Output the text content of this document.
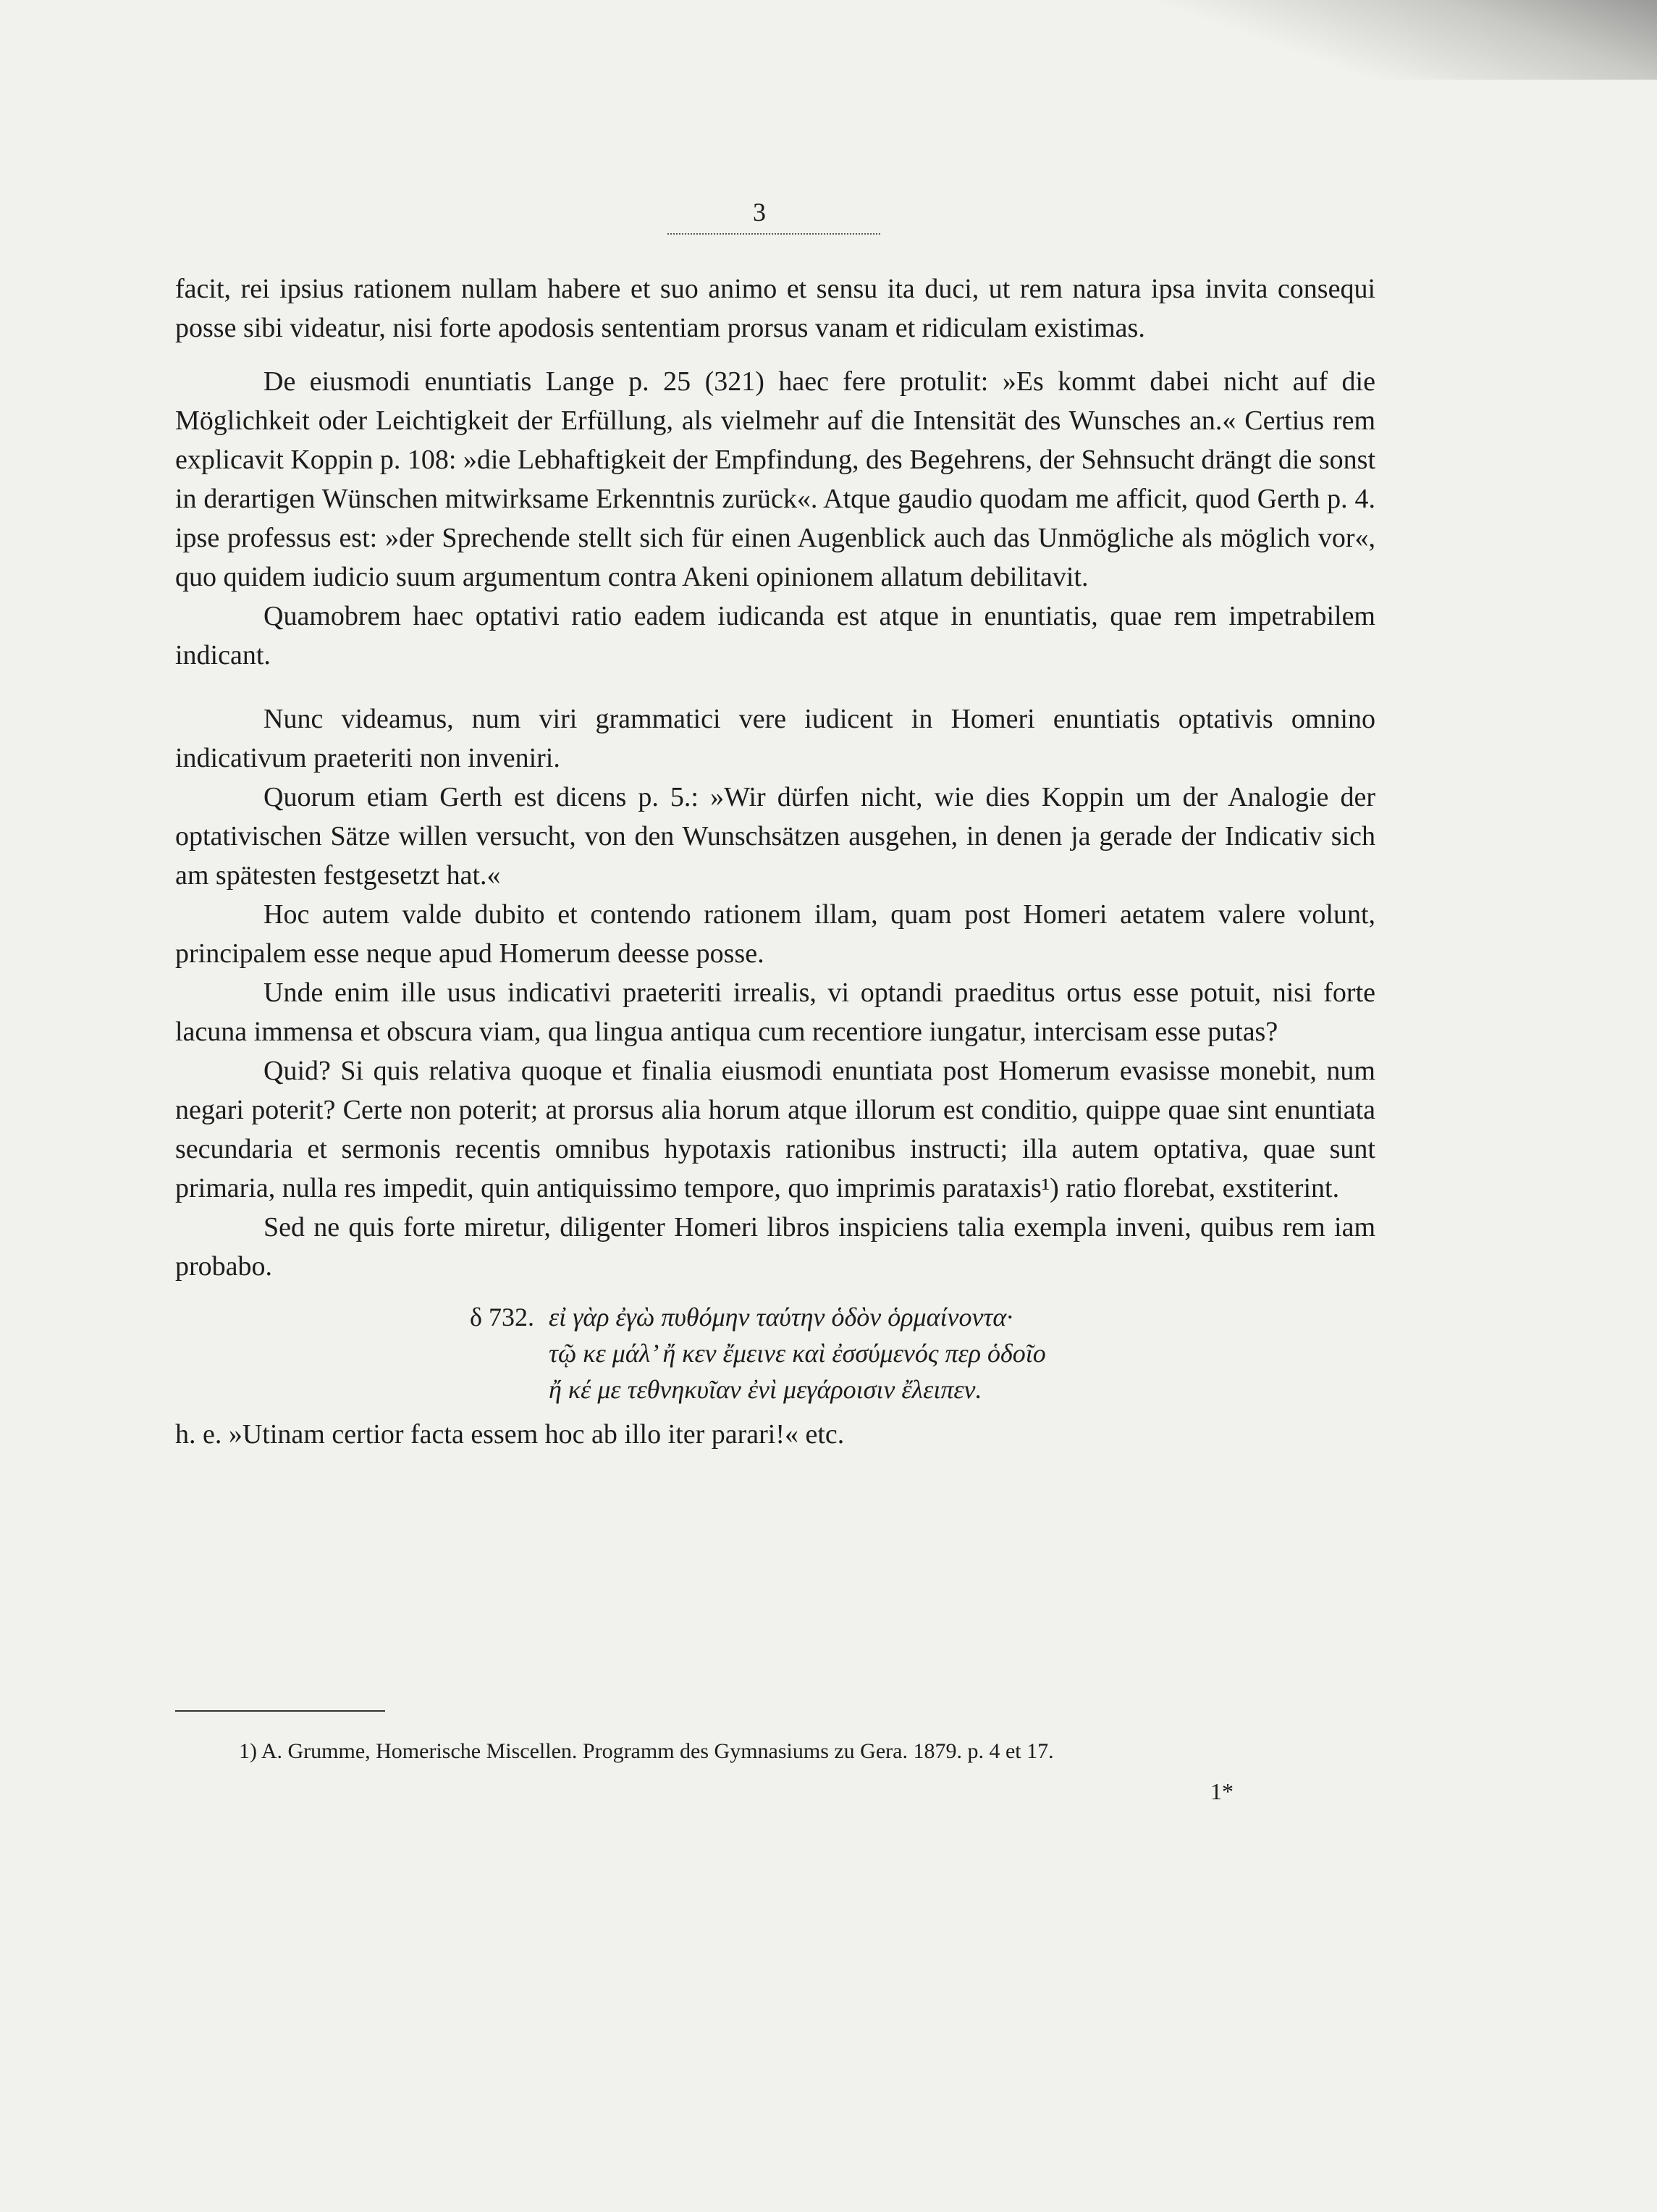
3

facit, rei ipsius rationem nullam habere et suo animo et sensu ita duci, ut rem natura ipsa invita consequi posse sibi videatur, nisi forte apodosis sententiam prorsus vanam et ridiculam existimas.

De eiusmodi enuntiatis Lange p. 25 (321) haec fere protulit: »Es kommt dabei nicht auf die Möglichkeit oder Leichtigkeit der Erfüllung, als vielmehr auf die Intensität des Wunsches an.« Certius rem explicavit Koppin p. 108: »die Lebhaftigkeit der Empfindung, des Begehrens, der Sehnsucht drängt die sonst in derartigen Wünschen mitwirksame Erkenntnis zurück«. Atque gaudio quodam me afficit, quod Gerth p. 4. ipse professus est: »der Sprechende stellt sich für einen Augenblick auch das Unmögliche als möglich vor«, quo quidem iudicio suum argumentum contra Akeni opinionem allatum debilitavit.

Quamobrem haec optativi ratio eadem iudicanda est atque in enuntiatis, quae rem impetrabilem indicant.

Nunc videamus, num viri grammatici vere iudicent in Homeri enuntiatis optativis omnino indicativum praeteriti non inveniri.

Quorum etiam Gerth est dicens p. 5.: »Wir dürfen nicht, wie dies Koppin um der Analogie der optativischen Sätze willen versucht, von den Wunschsätzen ausgehen, in denen ja gerade der Indicativ sich am spätesten festgesetzt hat.«

Hoc autem valde dubito et contendo rationem illam, quam post Homeri aetatem valere volunt, principalem esse neque apud Homerum deesse posse.

Unde enim ille usus indicativi praeteriti irrealis, vi optandi praeditus ortus esse potuit, nisi forte lacuna immensa et obscura viam, qua lingua antiqua cum recentiore iungatur, intercisam esse putas?

Quid? Si quis relativa quoque et finalia eiusmodi enuntiata post Homerum evasisse monebit, num negari poterit? Certe non poterit; at prorsus alia horum atque illorum est conditio, quippe quae sint enuntiata secundaria et sermonis recentis omnibus hypotaxis rationibus instructi; illa autem optativa, quae sunt primaria, nulla res impedit, quin antiquissimo tempore, quo imprimis parataxis¹) ratio florebat, exstiterint.

Sed ne quis forte miretur, diligenter Homeri libros inspiciens talia exempla inveni, quibus rem iam probabo.

δ 732. εἰ γὰρ ἐγὼ πυθόμην ταύτην ὁδὸν ὁρμαίνοντα·
τῷ κε μάλ’ ἤ κεν ἔμεινε καὶ ἐσσύμενός περ ὁδοῖο
ἤ κέ με τεθνηκυῖαν ἐνὶ μεγάροισιν ἔλειπεν.

h. e. »Utinam certior facta essem hoc ab illo iter parari!« etc.

1) A. Grumme, Homerische Miscellen. Programm des Gymnasiums zu Gera. 1879. p. 4 et 17.
1*
